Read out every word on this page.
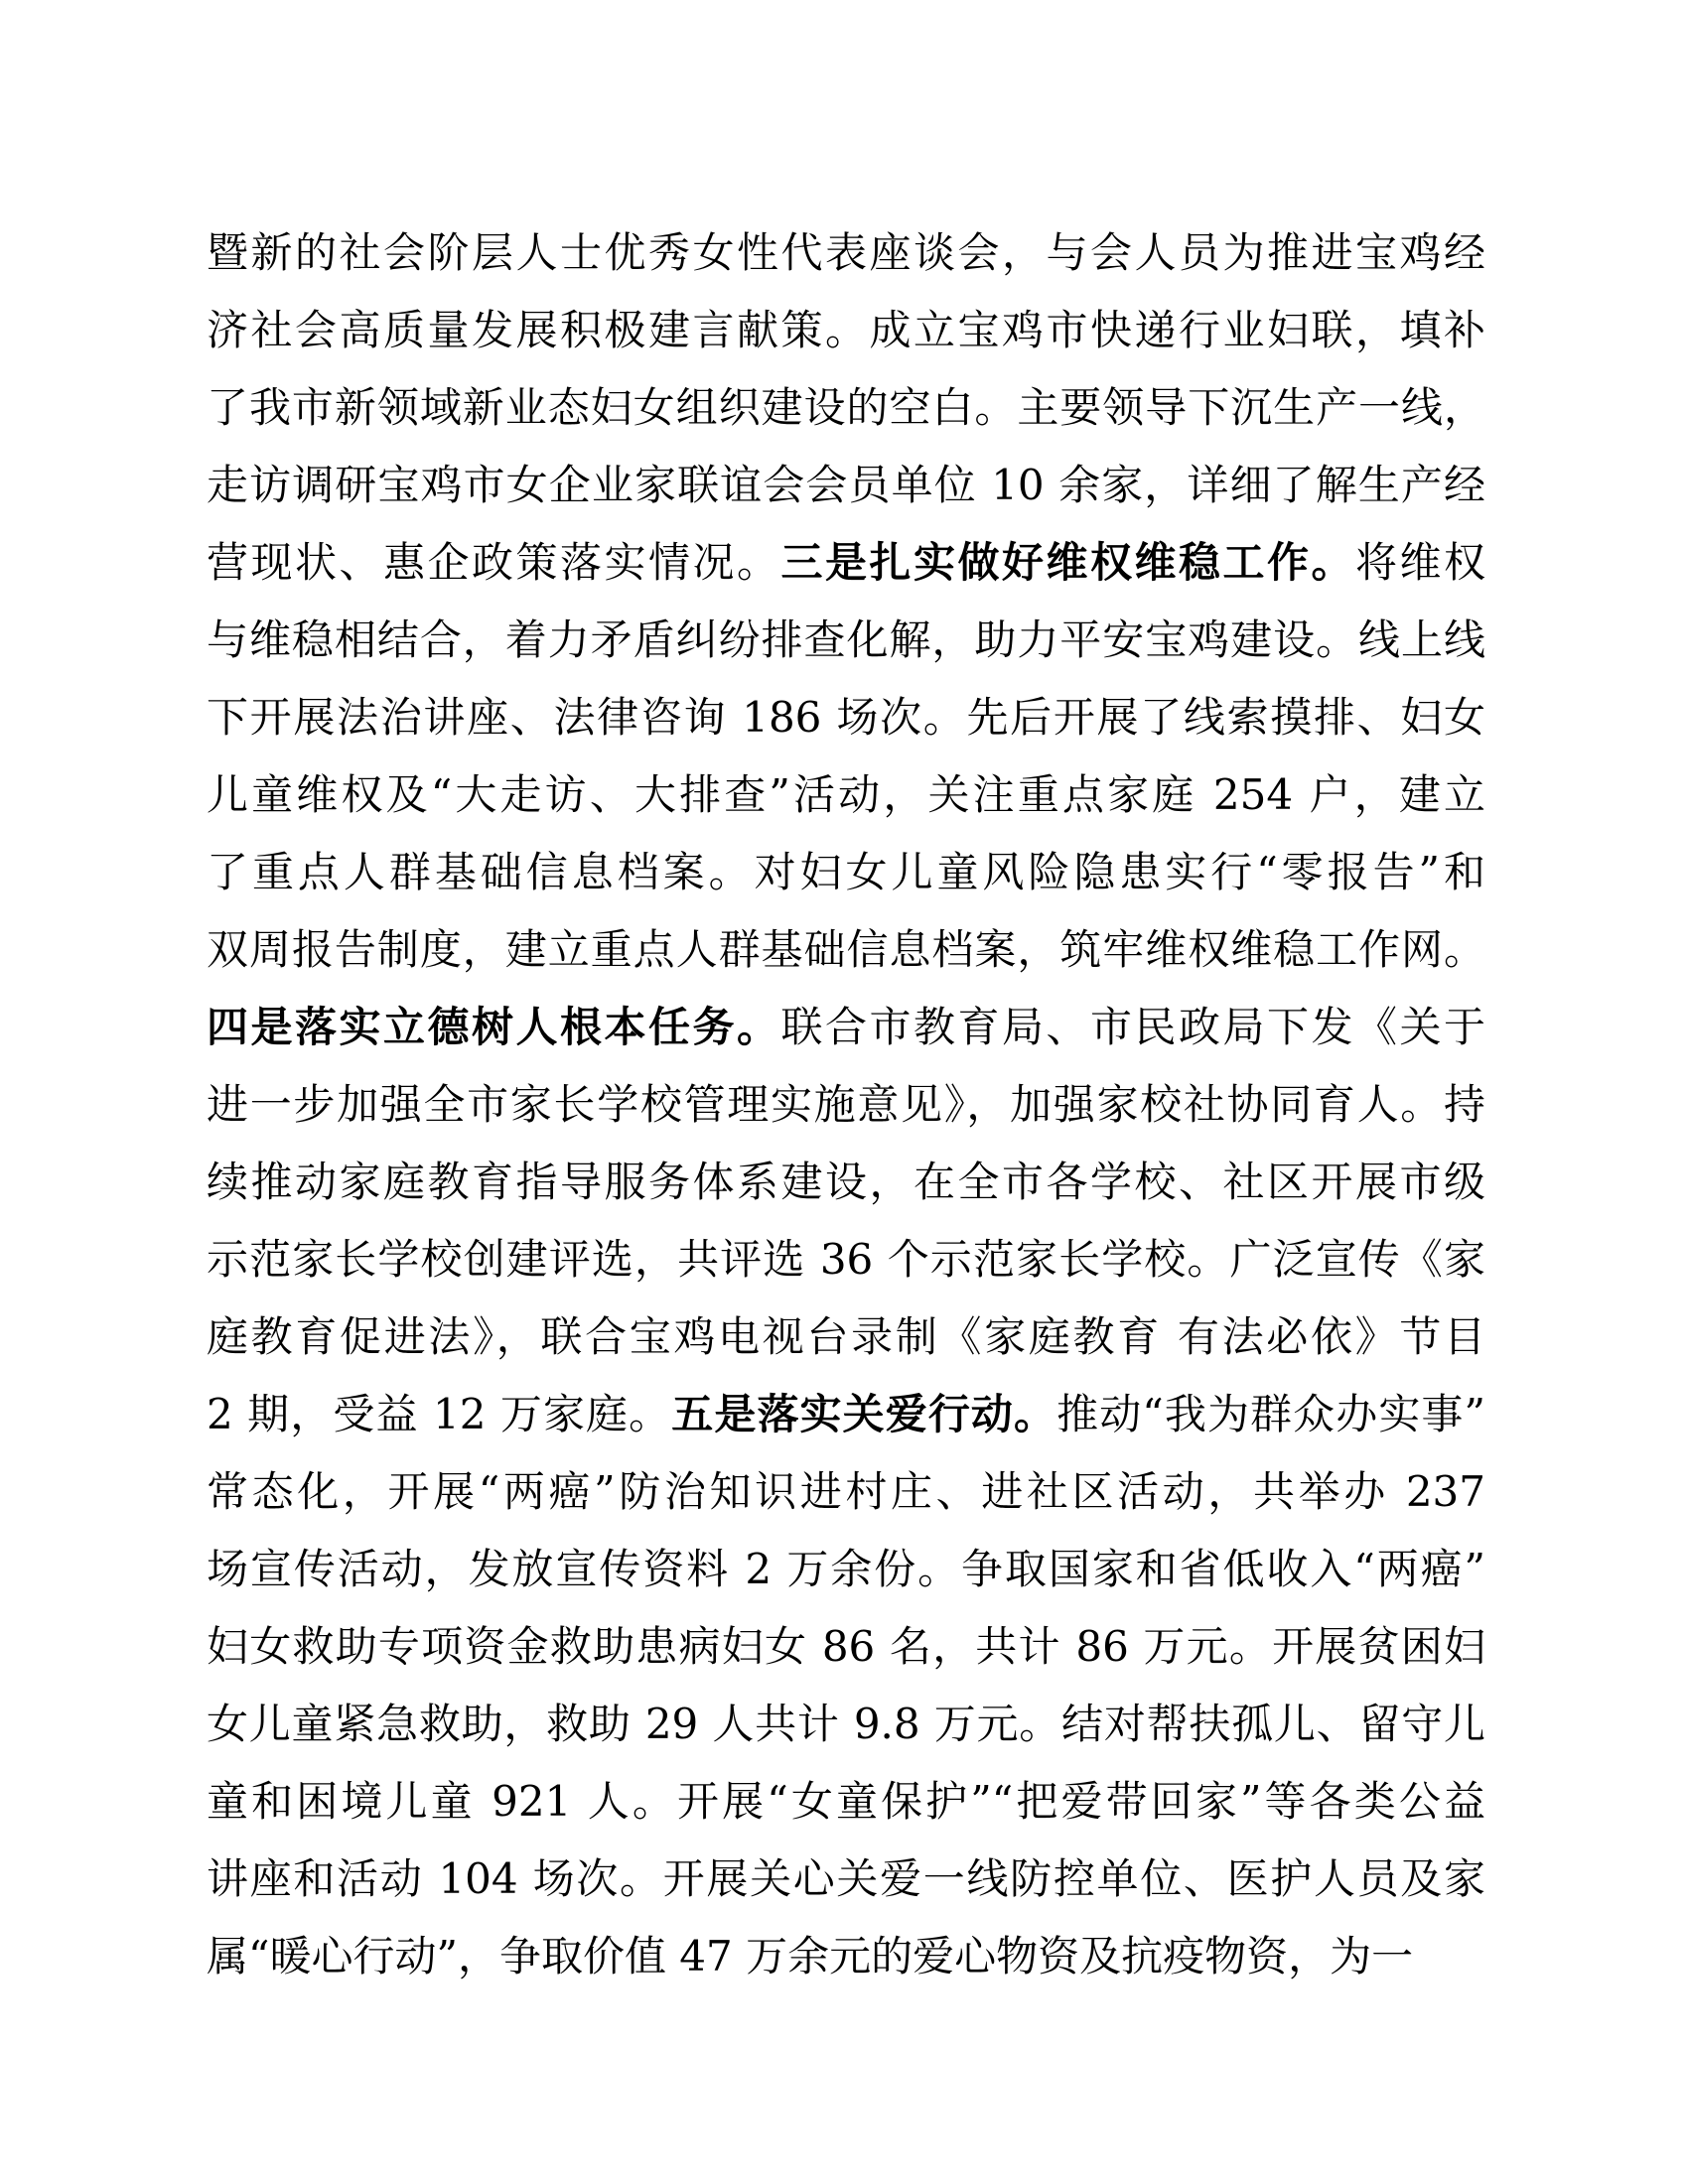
暨新的社会阶层人士优秀女性代表座谈会，与会人员为推进宝鸡经
济社会高质量发展积极建言献策。成立宝鸡市快递行业妇联，填补
了我市新领域新业态妇女组织建设的空白。主要领导下沉生产一线，
走访调研宝鸡市女企业家联谊会会员单位 10 余家，详细了解生产经
营现状、惠企政策落实情况。三是扎实做好维权维稳工作。将维权
与维稳相结合，着力矛盾纠纷排查化解，助力平安宝鸡建设。线上线
下开展法治讲座、法律咨询 186 场次。先后开展了线索摸排、妇女
儿童维权及“大走访、大排查”活动，关注重点家庭 254 户，建立
了重点人群基础信息档案。对妇女儿童风险隐患实行“零报告”和
双周报告制度，建立重点人群基础信息档案，筑牢维权维稳工作网。
四是落实立德树人根本任务。联合市教育局、市民政局下发《关于
进一步加强全市家长学校管理实施意见》，加强家校社协同育人。持
续推动家庭教育指导服务体系建设，在全市各学校、社区开展市级
示范家长学校创建评选，共评选 36 个示范家长学校。广泛宣传《家
庭教育促进法》，联合宝鸡电视台录制《家庭教育 有法必依》节目
2 期，受益 12 万家庭。五是落实关爱行动。推动“我为群众办实事”
常态化，开展“两癌”防治知识进村庄、进社区活动，共举办 237
场宣传活动，发放宣传资料 2 万余份。争取国家和省低收入“两癌”
妇女救助专项资金救助患病妇女 86 名，共计 86 万元。开展贫困妇
女儿童紧急救助，救助 29 人共计 9.8 万元。结对帮扶孤儿、留守儿
童和困境儿童 921 人。开展“女童保护”“把爱带回家”等各类公益
讲座和活动 104 场次。开展关心关爱一线防控单位、医护人员及家
属“暖心行动”，争取价值 47 万余元的爱心物资及抗疫物资，为一
